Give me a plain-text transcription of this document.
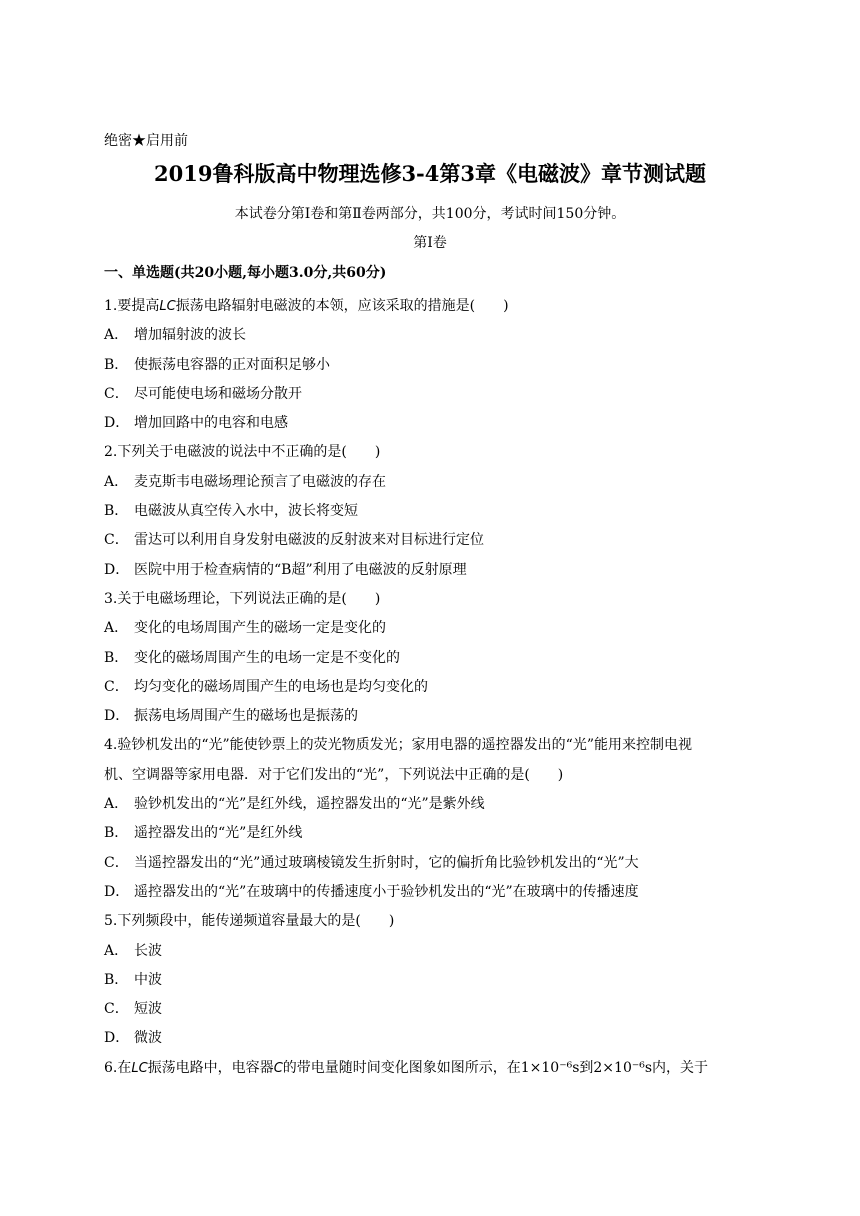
绝密★启用前
2019鲁科版高中物理选修3-4第3章《电磁波》章节测试题
本试卷分第Ⅰ卷和第Ⅱ卷两部分，共100分，考试时间150分钟。
第Ⅰ卷
一、单选题(共20小题,每小题3.0分,共60分)

1.要提高LC振荡电路辐射电磁波的本领，应该采取的措施是(　　)

A． 增加辐射波的波长

B． 使振荡电容器的正对面积足够小

C． 尽可能使电场和磁场分散开

D． 增加回路中的电容和电感

2.下列关于电磁波的说法中不正确的是(　　)

A． 麦克斯韦电磁场理论预言了电磁波的存在

B． 电磁波从真空传入水中，波长将变短

C． 雷达可以利用自身发射电磁波的反射波来对目标进行定位

D． 医院中用于检查病情的“B超”利用了电磁波的反射原理

3.关于电磁场理论，下列说法正确的是(　　)

A． 变化的电场周围产生的磁场一定是变化的

B． 变化的磁场周围产生的电场一定是不变化的

C． 均匀变化的磁场周围产生的电场也是均匀变化的

D． 振荡电场周围产生的磁场也是振荡的

4.验钞机发出的“光”能使钞票上的荧光物质发光；家用电器的遥控器发出的“光”能用来控制电视

机、空调器等家用电器．对于它们发出的“光”，下列说法中正确的是(　　)

A． 验钞机发出的“光”是红外线，遥控器发出的“光”是紫外线

B． 遥控器发出的“光”是红外线

C． 当遥控器发出的“光”通过玻璃棱镜发生折射时，它的偏折角比验钞机发出的“光”大

D． 遥控器发出的“光”在玻璃中的传播速度小于验钞机发出的“光”在玻璃中的传播速度

5.下列频段中，能传递频道容量最大的是(　　)

A． 长波

B． 中波

C． 短波

D． 微波

6.在LC振荡电路中，电容器C的带电量随时间变化图象如图所示，在1×10⁻⁶s到2×10⁻⁶s内，关于
